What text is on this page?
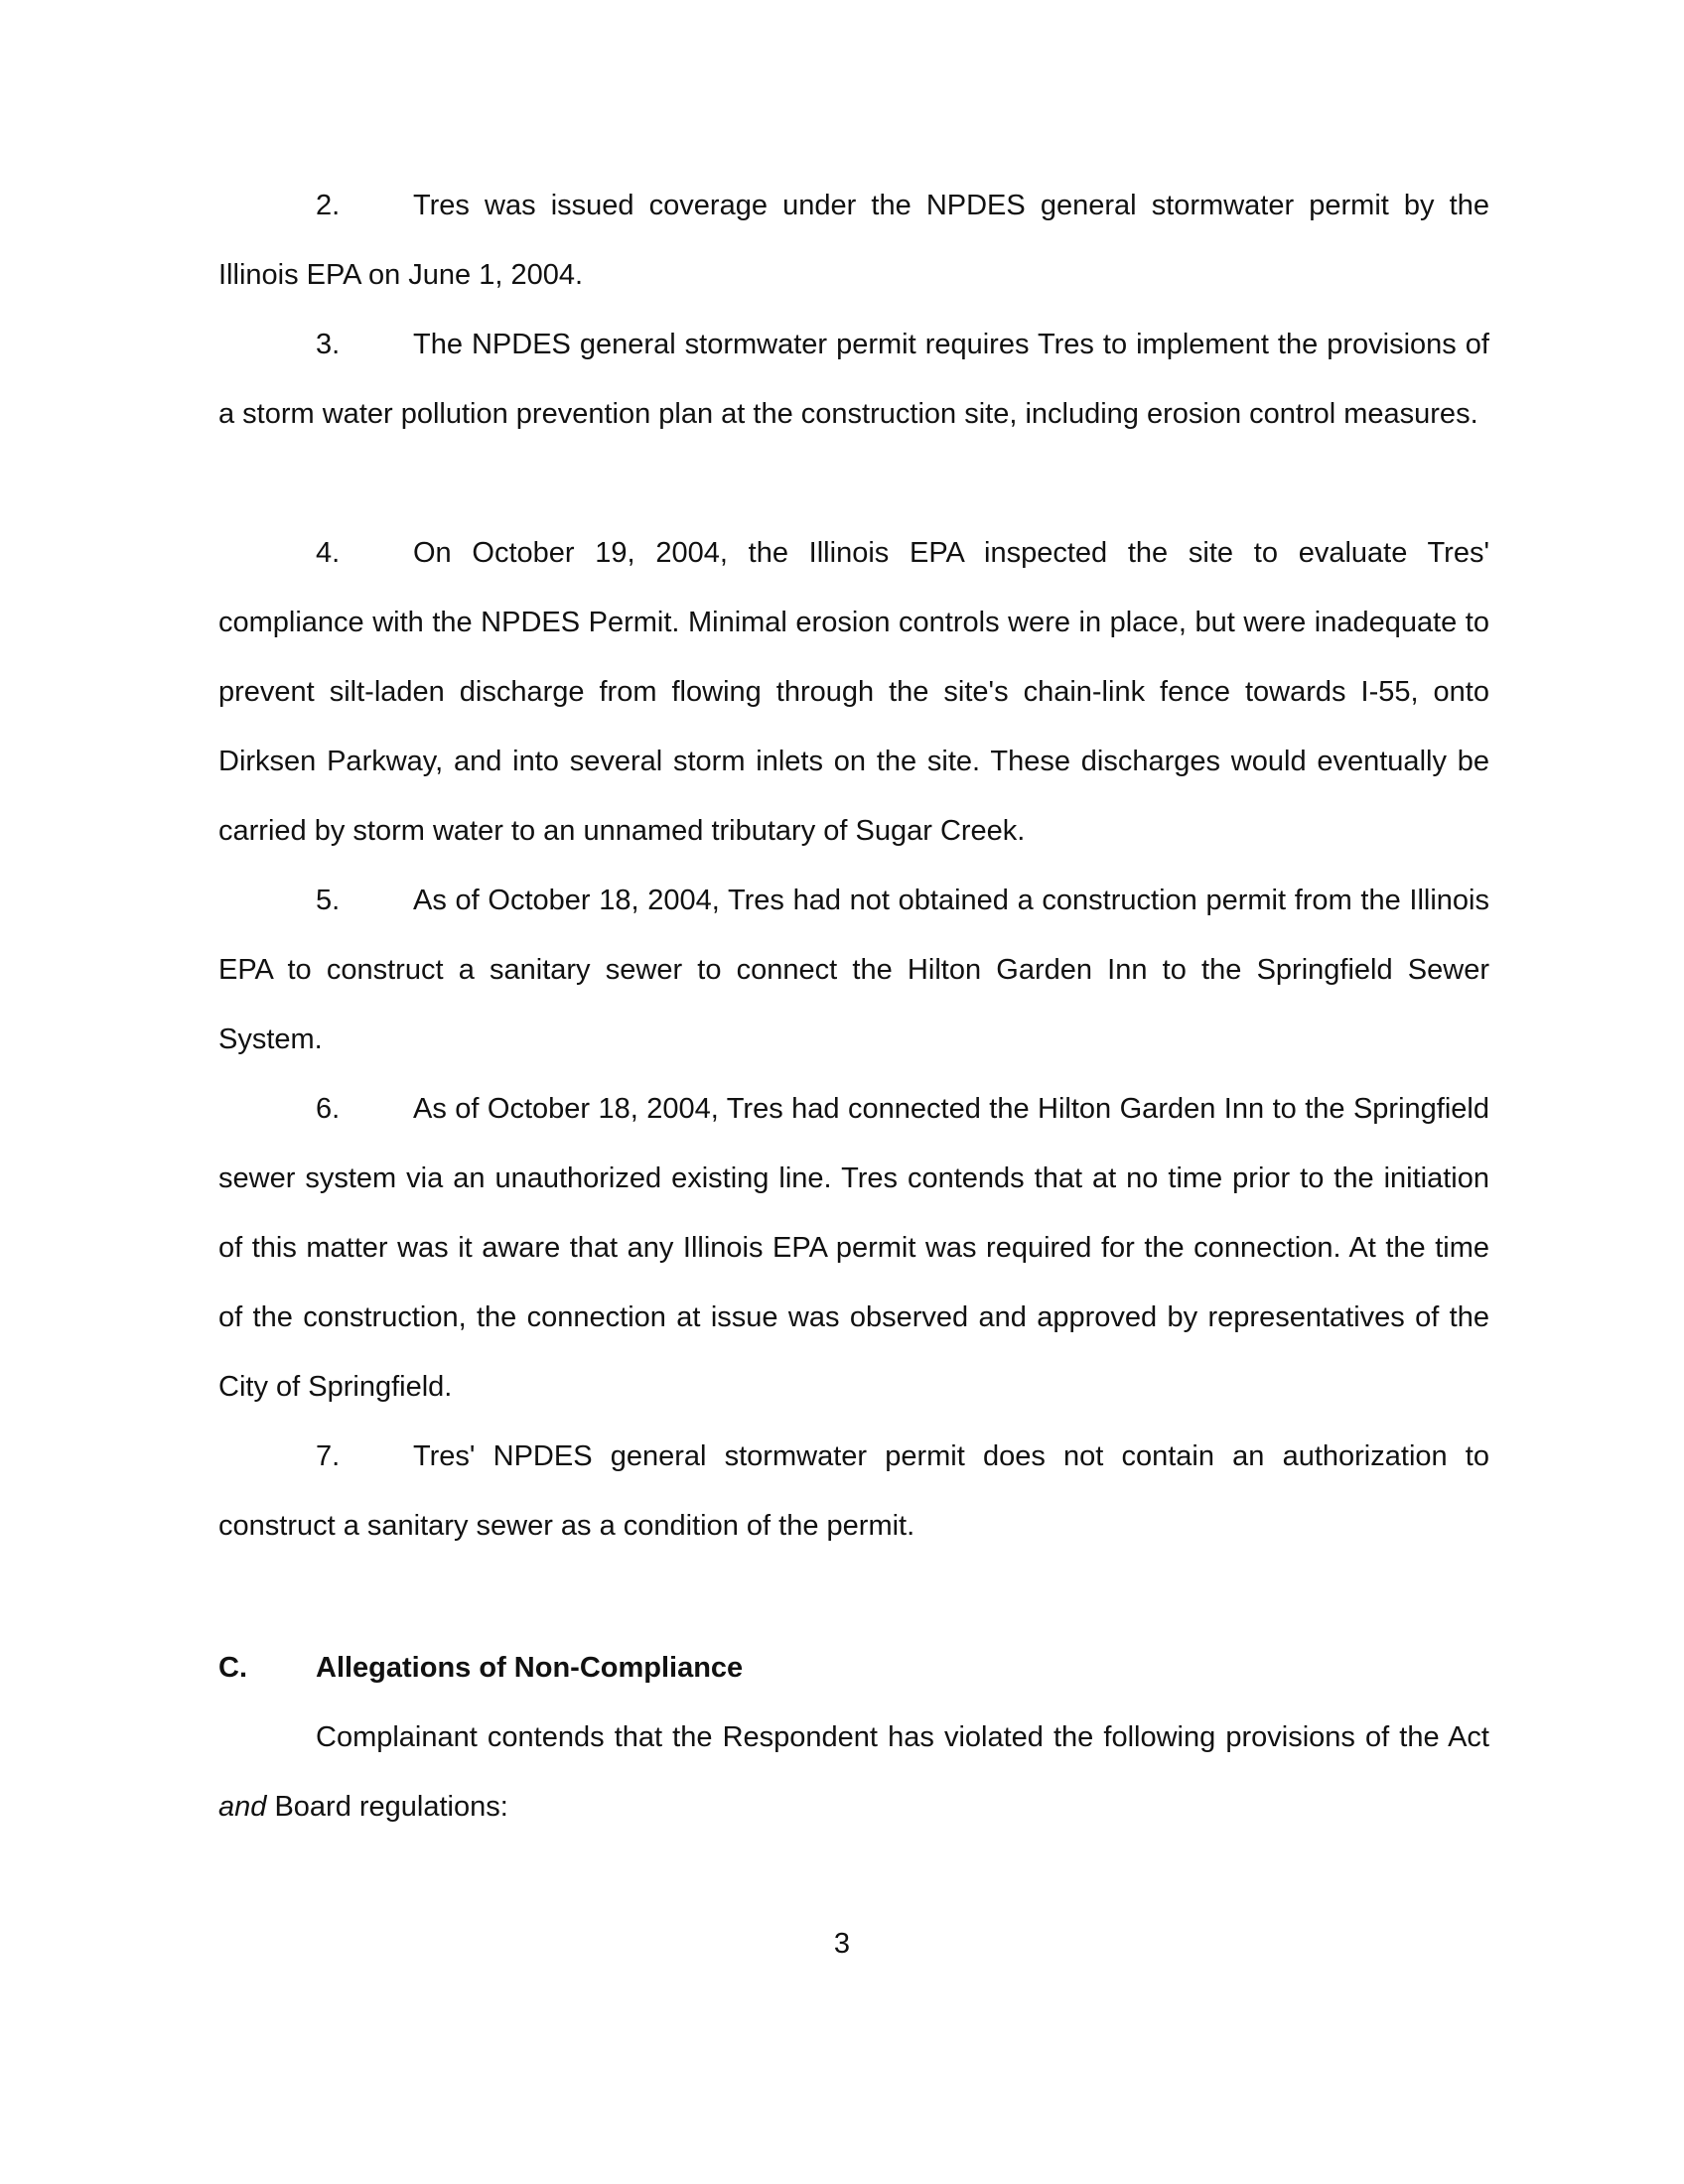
2.	Tres was issued coverage under the NPDES general stormwater permit by the Illinois EPA on June 1, 2004.

3.	The NPDES general stormwater permit requires Tres to implement the provisions of a storm water pollution prevention plan at the construction site, including erosion control measures.

4.	On October 19, 2004, the Illinois EPA inspected the site to evaluate Tres' compliance with the NPDES Permit. Minimal erosion controls were in place, but were inadequate to prevent silt-laden discharge from flowing through the site's chain-link fence towards I-55, onto Dirksen Parkway, and into several storm inlets on the site. These discharges would eventually be carried by storm water to an unnamed tributary of Sugar Creek.

5.	As of October 18, 2004, Tres had not obtained a construction permit from the Illinois EPA to construct a sanitary sewer to connect the Hilton Garden Inn to the Springfield Sewer System.

6.	As of October 18, 2004, Tres had connected the Hilton Garden Inn to the Springfield sewer system via an unauthorized existing line. Tres contends that at no time prior to the initiation of this matter was it aware that any Illinois EPA permit was required for the connection. At the time of the construction, the connection at issue was observed and approved by representatives of the City of Springfield.

7.	Tres' NPDES general stormwater permit does not contain an authorization to construct a sanitary sewer as a condition of the permit.

C. Allegations of Non-Compliance

Complainant contends that the Respondent has violated the following provisions of the Act and Board regulations:

3
